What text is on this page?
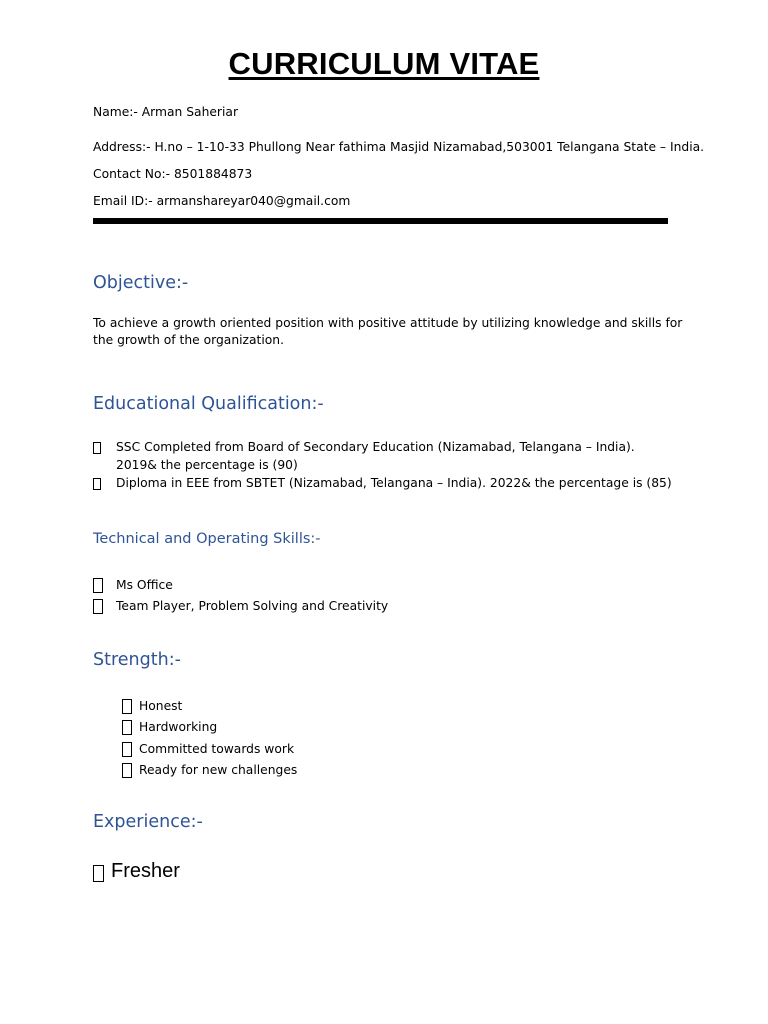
CURRICULUM VITAE
Name:- Arman Saheriar
Address:- H.no – 1-10-33 Phullong Near fathima Masjid Nizamabad,503001 Telangana State – India.
Contact No:- 8501884873
Email ID:- armanshareyar040@gmail.com
Objective:-
To achieve a growth oriented position with positive attitude by utilizing knowledge and skills for the growth of the organization.
Educational Qualification:-
SSC Completed from Board of Secondary Education (Nizamabad, Telangana – India). 2019& the percentage is (90)
Diploma in EEE from SBTET (Nizamabad, Telangana – India). 2022& the percentage is (85)
Technical and Operating Skills:-
Ms Office
Team Player, Problem Solving and Creativity
Strength:-
Honest
Hardworking
Committed towards work
Ready for new challenges
Experience:-
Fresher
